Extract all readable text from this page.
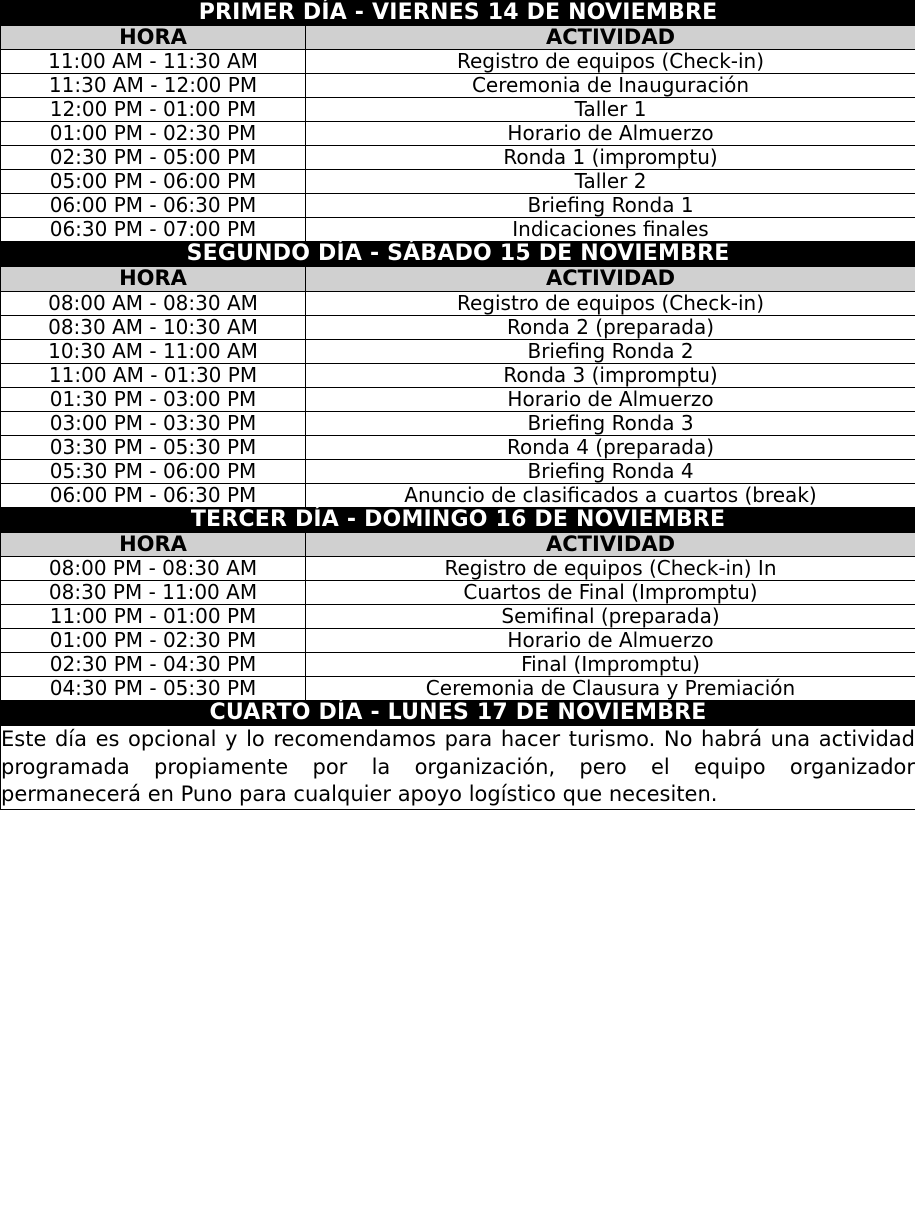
PRIMER DÍA - VIERNES 14 DE NOVIEMBRE	
HORA	ACTIVIDAD
11:00 AM - 11:30 AM	Registro de equipos (Check-in)
11:30 AM - 12:00 PM	Ceremonia de Inauguración
12:00 PM - 01:00 PM	Taller 1
01:00 PM - 02:30 PM	Horario de Almuerzo
02:30 PM - 05:00 PM	Ronda 1 (impromptu)
05:00 PM - 06:00 PM	Taller 2
06:00 PM - 06:30 PM	Briefing Ronda 1
06:30 PM - 07:00 PM	Indicaciones finales
SEGUNDO DÍA - SÁBADO 15 DE NOVIEMBRE	
HORA	ACTIVIDAD
08:00 AM - 08:30 AM	Registro de equipos (Check-in)
08:30 AM - 10:30 AM	Ronda 2 (preparada)
10:30 AM - 11:00 AM	Briefing Ronda 2
11:00 AM - 01:30 PM	Ronda 3 (impromptu)
01:30 PM - 03:00 PM	Horario de Almuerzo
03:00 PM - 03:30 PM	Briefing Ronda 3
03:30 PM - 05:30 PM	Ronda 4 (preparada)
05:30 PM - 06:00 PM	Briefing Ronda 4
06:00 PM - 06:30 PM	Anuncio de clasificados a cuartos (break)
TERCER DÍA - DOMINGO 16 DE NOVIEMBRE	
HORA	ACTIVIDAD
08:00 PM - 08:30 AM	Registro de equipos (Check-in) In
08:30 PM - 11:00 AM	Cuartos de Final (Impromptu)
11:00 PM - 01:00 PM	Semifinal (preparada)
01:00 PM - 02:30 PM	Horario de Almuerzo
02:30 PM - 04:30 PM	Final (Impromptu)
04:30 PM - 05:30 PM	Ceremonia de Clausura y Premiación
CUARTO DÍA - LUNES 17 DE NOVIEMBRE	
Este día es opcional y lo recomendamos para hacer turismo. No habrá una actividad programada propiamente por la organización, pero el equipo organizador permanecerá en Puno para cualquier apoyo logístico que necesiten.	
